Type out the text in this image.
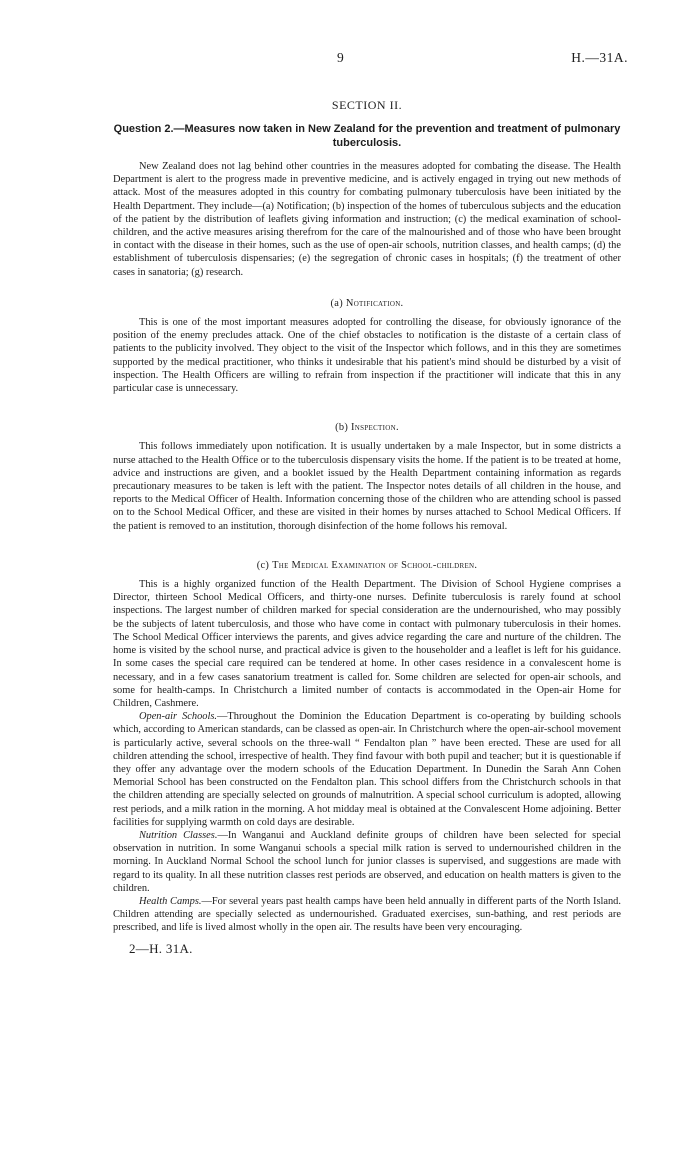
9	H.—31A.
SECTION II.
Question 2.—Measures now taken in New Zealand for the prevention and treatment of pulmonary tuberculosis.

New Zealand does not lag behind other countries in the measures adopted for combating the disease. The Health Department is alert to the progress made in preventive medicine, and is actively engaged in trying out new methods of attack. Most of the measures adopted in this country for combating pulmonary tuberculosis have been initiated by the Health Department. They include—(a) Notification; (b) inspection of the homes of tuberculous subjects and the education of the patient by the distribution of leaflets giving information and instruction; (c) the medical examination of school-children, and the active measures arising therefrom for the care of the malnourished and of those who have been brought in contact with the disease in their homes, such as the use of open-air schools, nutrition classes, and health camps; (d) the establishment of tuberculosis dispensaries; (e) the segregation of chronic cases in hospitals; (f) the treatment of other cases in sanatoria; (g) research.

(a) Notification.

This is one of the most important measures adopted for controlling the disease, for obviously ignorance of the position of the enemy precludes attack. One of the chief obstacles to notification is the distaste of a certain class of patients to the publicity involved. They object to the visit of the Inspector which follows, and in this they are sometimes supported by the medical practitioner, who thinks it undesirable that his patient's mind should be disturbed by a visit of inspection. The Health Officers are willing to refrain from inspection if the practitioner will indicate that this in any particular case is unnecessary.

(b) Inspection.

This follows immediately upon notification. It is usually undertaken by a male Inspector, but in some districts a nurse attached to the Health Office or to the tuberculosis dispensary visits the home. If the patient is to be treated at home, advice and instructions are given, and a booklet issued by the Health Department containing information as regards precautionary measures to be taken is left with the patient. The Inspector notes details of all children in the house, and reports to the Medical Officer of Health. Information concerning those of the children who are attending school is passed on to the School Medical Officer, and these are visited in their homes by nurses attached to School Medical Officers. If the patient is removed to an institution, thorough disinfection of the home follows his removal.

(c) The Medical Examination of School-children.

This is a highly organized function of the Health Department. The Division of School Hygiene comprises a Director, thirteen School Medical Officers, and thirty-one nurses. Definite tuberculosis is rarely found at school inspections. The largest number of children marked for special consideration are the undernourished, who may possibly be the subjects of latent tuberculosis, and those who have come in contact with pulmonary tuberculosis in their homes. The School Medical Officer interviews the parents, and gives advice regarding the care and nurture of the children. The home is visited by the school nurse, and practical advice is given to the householder and a leaflet is left for his guidance. In some cases the special care required can be tendered at home. In other cases residence in a convalescent home is necessary, and in a few cases sanatorium treatment is called for. Some children are selected for open-air schools, and some for health-camps. In Christchurch a limited number of contacts is accommodated in the Open-air Home for Children, Cashmere.

Open-air Schools.—Throughout the Dominion the Education Department is co-operating by building schools which, according to American standards, can be classed as open-air. In Christchurch where the open-air-school movement is particularly active, several schools on the three-wall “ Fendalton plan ” have been erected. These are used for all children attending the school, irrespective of health. They find favour with both pupil and teacher; but it is questionable if they offer any advantage over the modern schools of the Education Department. In Dunedin the Sarah Ann Cohen Memorial School has been constructed on the Fendalton plan. This school differs from the Christchurch schools in that the children attending are specially selected on grounds of malnutrition. A special school curriculum is adopted, allowing rest periods, and a milk ration in the morning. A hot midday meal is obtained at the Convalescent Home adjoining. Better facilities for supplying warmth on cold days are desirable.

Nutrition Classes.—In Wanganui and Auckland definite groups of children have been selected for special observation in nutrition. In some Wanganui schools a special milk ration is served to undernourished children in the morning. In Auckland Normal School the school lunch for junior classes is supervised, and suggestions are made with regard to its quality. In all these nutrition classes rest periods are observed, and education on health matters is given to the children.

Health Camps.—For several years past health camps have been held annually in different parts of the North Island. Children attending are specially selected as undernourished. Graduated exercises, sun-bathing, and rest periods are prescribed, and life is lived almost wholly in the open air. The results have been very encouraging.

2—H. 31A.
